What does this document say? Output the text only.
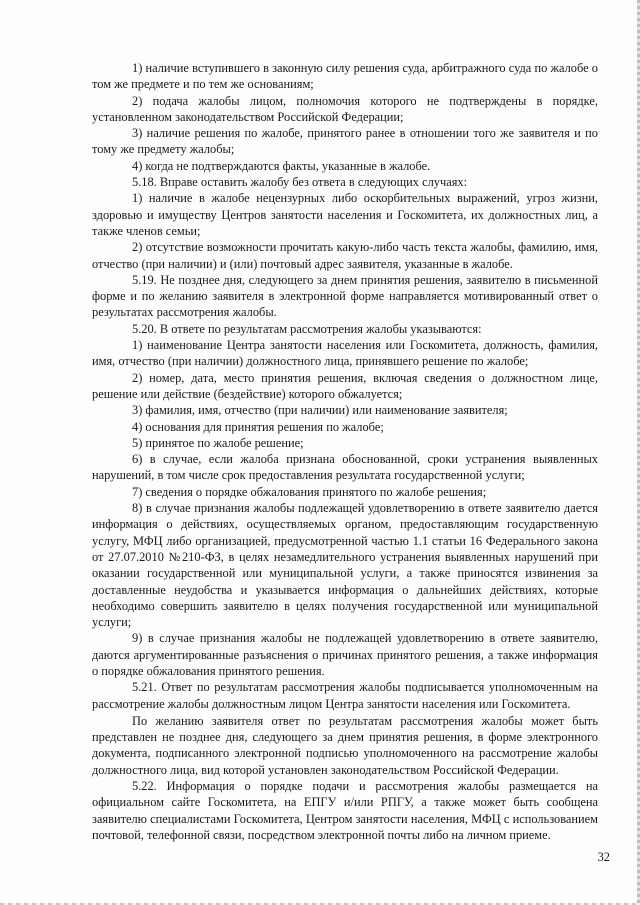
1) наличие вступившего в законную силу решения суда, арбитражного суда по жалобе о том же предмете и по тем же основаниям;

2) подача жалобы лицом, полномочия которого не подтверждены в порядке, установленном законодательством Российской Федерации;

3) наличие решения по жалобе, принятого ранее в отношении того же заявителя и по тому же предмету жалобы;

4) когда не подтверждаются факты, указанные в жалобе.

5.18. Вправе оставить жалобу без ответа в следующих случаях:

1) наличие в жалобе нецензурных либо оскорбительных выражений, угроз жизни, здоровью и имуществу Центров занятости населения и Госкомитета, их должностных лиц, а также членов семьи;

2) отсутствие возможности прочитать какую-либо часть текста жалобы, фамилию, имя, отчество (при наличии) и (или) почтовый адрес заявителя, указанные в жалобе.

5.19. Не позднее дня, следующего за днем принятия решения, заявителю в письменной форме и по желанию заявителя в электронной форме направляется мотивированный ответ о результатах рассмотрения жалобы.

5.20. В ответе по результатам рассмотрения жалобы указываются:

1) наименование Центра занятости населения или Госкомитета, должность, фамилия, имя, отчество (при наличии) должностного лица, принявшего решение по жалобе;

2) номер, дата, место принятия решения, включая сведения о должностном лице, решение или действие (бездействие) которого обжалуется;

3) фамилия, имя, отчество (при наличии) или наименование заявителя;

4) основания для принятия решения по жалобе;

5) принятое по жалобе решение;

6) в случае, если жалоба признана обоснованной, сроки устранения выявленных нарушений, в том числе срок предоставления результата государственной услуги;

7) сведения о порядке обжалования принятого по жалобе решения;

8) в случае признания жалобы подлежащей удовлетворению в ответе заявителю дается информация о действиях, осуществляемых органом, предоставляющим государственную услугу, МФЦ либо организацией, предусмотренной частью 1.1 статьи 16 Федерального закона от 27.07.2010 №210-ФЗ, в целях незамедлительного устранения выявленных нарушений при оказании государственной или муниципальной услуги, а также приносятся извинения за доставленные неудобства и указывается информация о дальнейших действиях, которые необходимо совершить заявителю в целях получения государственной или муниципальной услуги;

9) в случае признания жалобы не подлежащей удовлетворению в ответе заявителю, даются аргументированные разъяснения о причинах принятого решения, а также информация о порядке обжалования принятого решения.

5.21. Ответ по результатам рассмотрения жалобы подписывается уполномоченным на рассмотрение жалобы должностным лицом Центра занятости населения или Госкомитета.

По желанию заявителя ответ по результатам рассмотрения жалобы может быть представлен не позднее дня, следующего за днем принятия решения, в форме электронного документа, подписанного электронной подписью уполномоченного на рассмотрение жалобы должностного лица, вид которой установлен законодательством Российской Федерации.

5.22. Информация о порядке подачи и рассмотрения жалобы размещается на официальном сайте Госкомитета, на ЕПГУ и/или РПГУ, а также может быть сообщена заявителю специалистами Госкомитета, Центром занятости населения, МФЦ с использованием почтовой, телефонной связи, посредством электронной почты либо на личном приеме.

32
